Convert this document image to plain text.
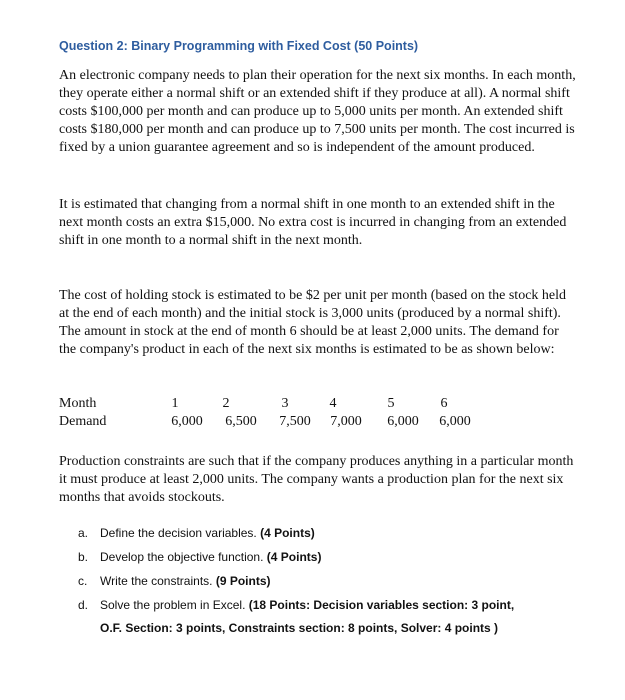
Question 2: Binary Programming with Fixed Cost (50 Points)

An electronic company needs to plan their operation for the next six months. In each month, they operate either a normal shift or an extended shift if they produce at all). A normal shift costs $100,000 per month and can produce up to 5,000 units per month. An extended shift costs $180,000 per month and can produce up to 7,500 units per month. The cost incurred is fixed by a union guarantee agreement and so is independent of the amount produced.

It is estimated that changing from a normal shift in one month to an extended shift in the next month costs an extra $15,000. No extra cost is incurred in changing from an extended shift in one month to a normal shift in the next month.

The cost of holding stock is estimated to be $2 per unit per month (based on the stock held at the end of each month) and the initial stock is 3,000 units (produced by a normal shift). The amount in stock at the end of month 6 should be at least 2,000 units. The demand for the company's product in each of the next six months is estimated to be as shown below:

Month	1	2	3	4	5	6
Demand	6,000 6,500 7,500 7,000 6,000 6,000

Production constraints are such that if the company produces anything in a particular month it must produce at least 2,000 units. The company wants a production plan for the next six months that avoids stockouts.

a. Define the decision variables. (4 Points)
b. Develop the objective function. (4 Points)
c. Write the constraints. (9 Points)
d. Solve the problem in Excel. (18 Points: Decision variables section: 3 point,
O.F. Section: 3 points, Constraints section: 8 points, Solver: 4 points )
